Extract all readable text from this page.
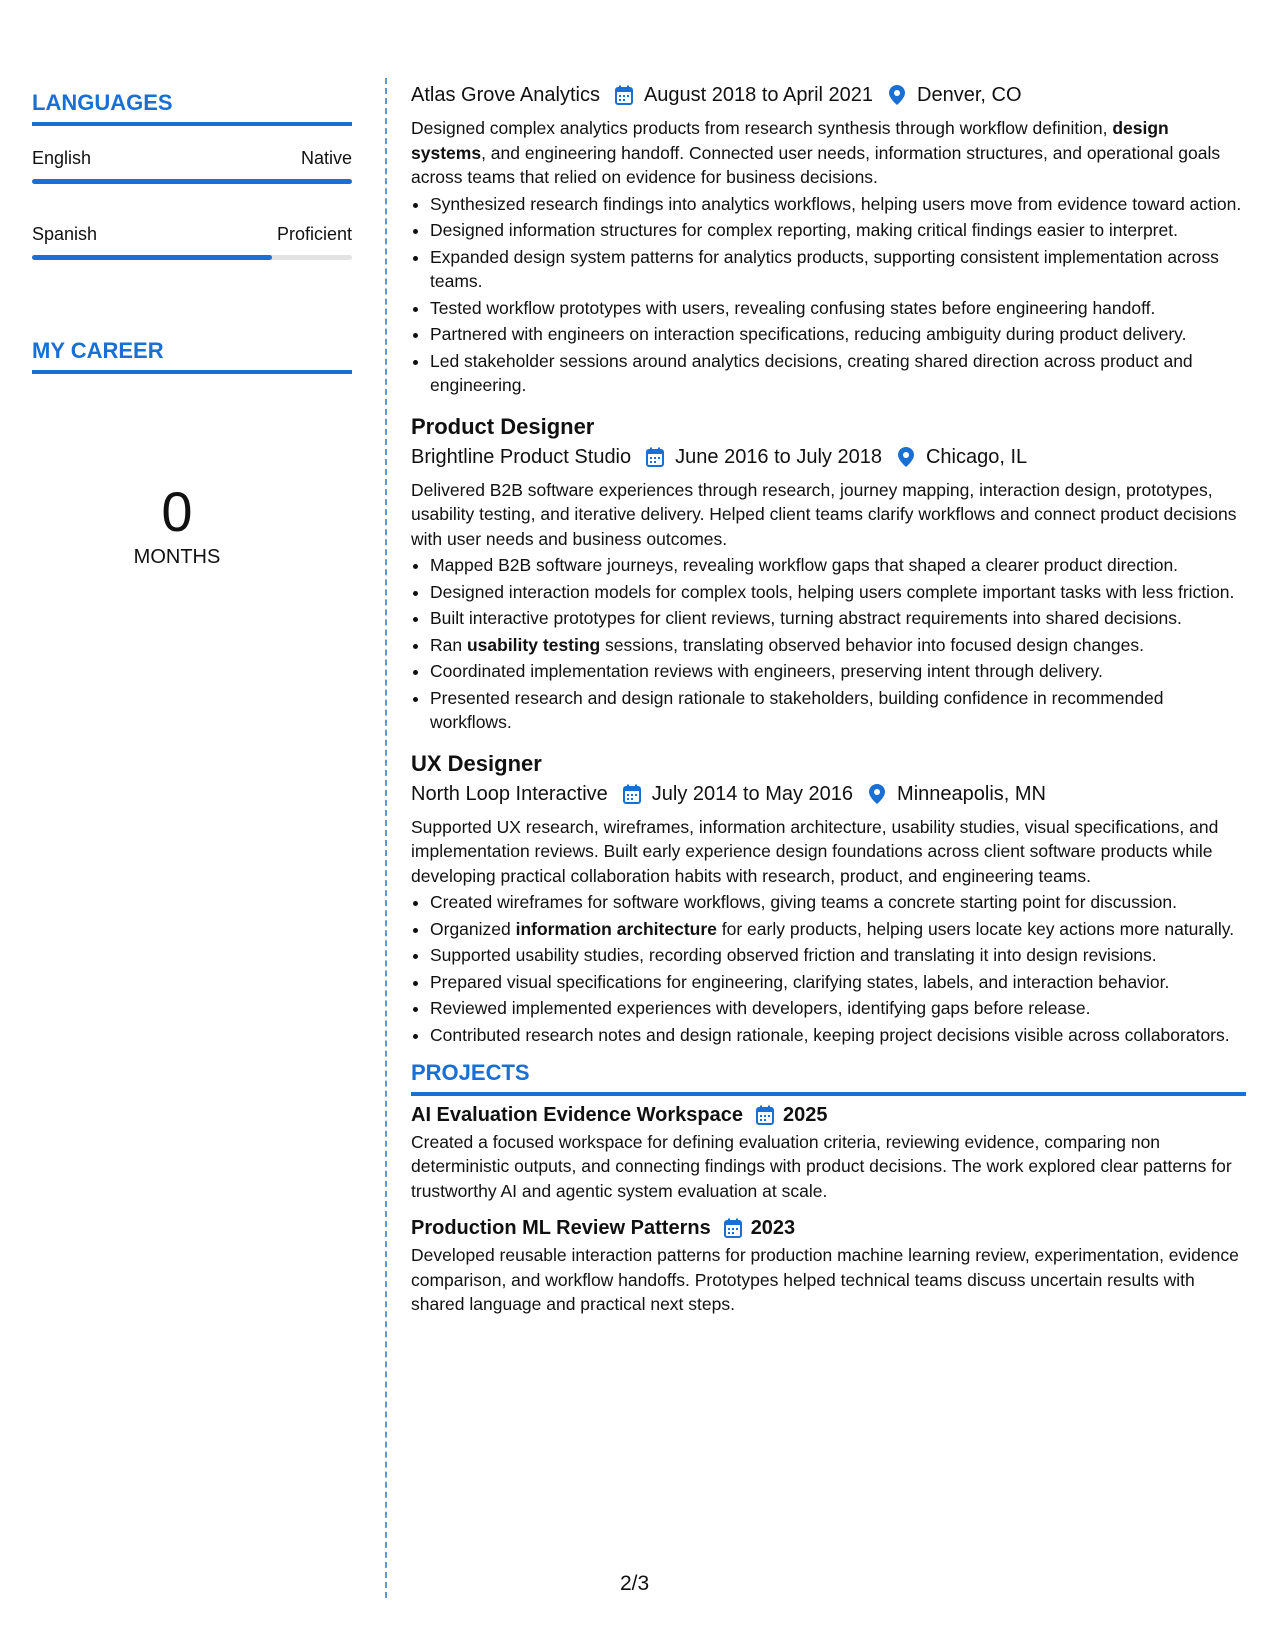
LANGUAGES
English	Native
Spanish	Proficient
MY CAREER
0
MONTHS
Atlas Grove Analytics August 2018 to April 2021 Denver, CO
Designed complex analytics products from research synthesis through workflow definition, design systems, and engineering handoff. Connected user needs, information structures, and operational goals across teams that relied on evidence for business decisions.
• Synthesized research findings into analytics workflows, helping users move from evidence toward action.
• Designed information structures for complex reporting, making critical findings easier to interpret.
• Expanded design system patterns for analytics products, supporting consistent implementation across teams.
• Tested workflow prototypes with users, revealing confusing states before engineering handoff.
• Partnered with engineers on interaction specifications, reducing ambiguity during product delivery.
• Led stakeholder sessions around analytics decisions, creating shared direction across product and engineering.
Product Designer
Brightline Product Studio June 2016 to July 2018 Chicago, IL
Delivered B2B software experiences through research, journey mapping, interaction design, prototypes, usability testing, and iterative delivery. Helped client teams clarify workflows and connect product decisions with user needs and business outcomes.
• Mapped B2B software journeys, revealing workflow gaps that shaped a clearer product direction.
• Designed interaction models for complex tools, helping users complete important tasks with less friction.
• Built interactive prototypes for client reviews, turning abstract requirements into shared decisions.
• Ran usability testing sessions, translating observed behavior into focused design changes.
• Coordinated implementation reviews with engineers, preserving intent through delivery.
• Presented research and design rationale to stakeholders, building confidence in recommended workflows.
UX Designer
North Loop Interactive July 2014 to May 2016 Minneapolis, MN
Supported UX research, wireframes, information architecture, usability studies, visual specifications, and implementation reviews. Built early experience design foundations across client software products while developing practical collaboration habits with research, product, and engineering teams.
• Created wireframes for software workflows, giving teams a concrete starting point for discussion.
• Organized information architecture for early products, helping users locate key actions more naturally.
• Supported usability studies, recording observed friction and translating it into design revisions.
• Prepared visual specifications for engineering, clarifying states, labels, and interaction behavior.
• Reviewed implemented experiences with developers, identifying gaps before release.
• Contributed research notes and design rationale, keeping project decisions visible across collaborators.
PROJECTS
AI Evaluation Evidence Workspace 2025
Created a focused workspace for defining evaluation criteria, reviewing evidence, comparing non deterministic outputs, and connecting findings with product decisions. The work explored clear patterns for trustworthy AI and agentic system evaluation at scale.
Production ML Review Patterns 2023
Developed reusable interaction patterns for production machine learning review, experimentation, evidence comparison, and workflow handoffs. Prototypes helped technical teams discuss uncertain results with shared language and practical next steps.
2/3
